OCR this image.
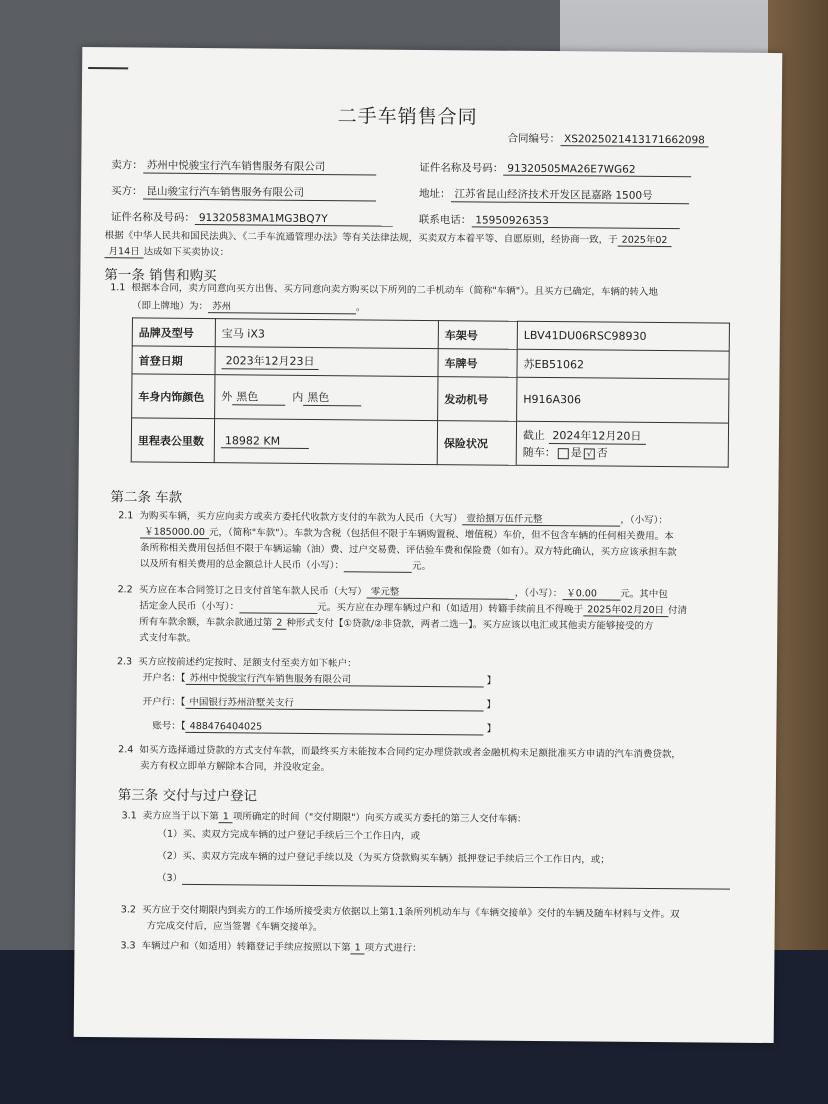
二手车销售合同
合同编号： XS2025021413171662098
卖方： 苏州中悦骏宝行汽车销售服务有限公司	证件名称及号码： 91320505MA26E7WG62
买方： 昆山骏宝行汽车销售服务有限公司	地址： 江苏省昆山经济技术开发区昆嘉路 1500号
证件名称及号码： 91320583MA1MG3BQ7Y	联系电话： 15950926353
根据《中华人民共和国民法典》、《二手车流通管理办法》等有关法律法规，买卖双方本着平等、自愿原则，经协商一致，于 2025年02
月14日 达成如下买卖协议：
第一条 销售和购买
1.1 根据本合同，卖方同意向买方出售、买方同意向卖方购买以下所列的二手机动车（简称"车辆"）。且买方已确定，车辆的转入地
（即上牌地）为： 苏州	。
品牌及型号	宝马 iX3	车架号	LBV41DU06RSC98930
首登日期	2023年12月23日	车牌号	苏EB51062
车身内饰颜色	外 黑色 内 黑色	发动机号	H916A306
里程表公里数	18982 KM	保险状况	截止 2024年12月20日
随车： 是 √ 否
第二条 车款
2.1 为购买车辆，买方应向卖方或卖方委托代收款方支付的车款为人民币（大写） 壹拾捌万伍仟元整	，（小写）：
￥185000.00 元，（简称"车款"）。车款为含税（包括但不限于车辆购置税、增值税）车价，但不包含车辆的任何相关费用。本
条所称相关费用包括但不限于车辆运输（油）费、过户交易费、评估验车费和保险费（如有）。双方特此确认，买方应该承担车款
以及所有相关费用的总金额总计人民币（小写）：	元。
2.2 买方应在本合同签订之日支付首笔车款人民币（大写） 零元整	，（小写）： ￥0.00 元。其中包
括定金人民币（小写）：	元。买方应在办理车辆过户和（如适用）转籍手续前且不得晚于 2025年02月20日 付清
所有车款余额，车款余款通过第 2 种形式支付【①贷款/②非贷款，两者二选一】。买方应该以电汇或其他卖方能够接受的方
式支付车款。
2.3 买方应按前述约定按时、足额支付至卖方如下帐户：
开户名：【 苏州中悦骏宝行汽车销售服务有限公司	】
开户行：【 中国银行苏州浒墅关支行	】
账号：【 488476404025	】
2.4 如买方选择通过贷款的方式支付车款，而最终买方未能按本合同约定办理贷款或者金融机构未足额批准买方申请的汽车消费贷款，
卖方有权立即单方解除本合同，并没收定金。
第三条 交付与过户登记
3.1 卖方应当于以下第 1 项所确定的时间（"交付期限"）向买方或买方委托的第三人交付车辆：
（1）买、卖双方完成车辆的过户登记手续后三个工作日内，或
（2）买、卖双方完成车辆的过户登记手续以及（为买方贷款购买车辆）抵押登记手续后三个工作日内，或；
（3）
3.2 买方应于交付期限内到卖方的工作场所接受卖方依据以上第1.1条所列机动车与《车辆交接单》交付的车辆及随车材料与文件。双
方完成交付后，应当签署《车辆交接单》。
3.3 车辆过户和（如适用）转籍登记手续应按照以下第 1 项方式进行：
